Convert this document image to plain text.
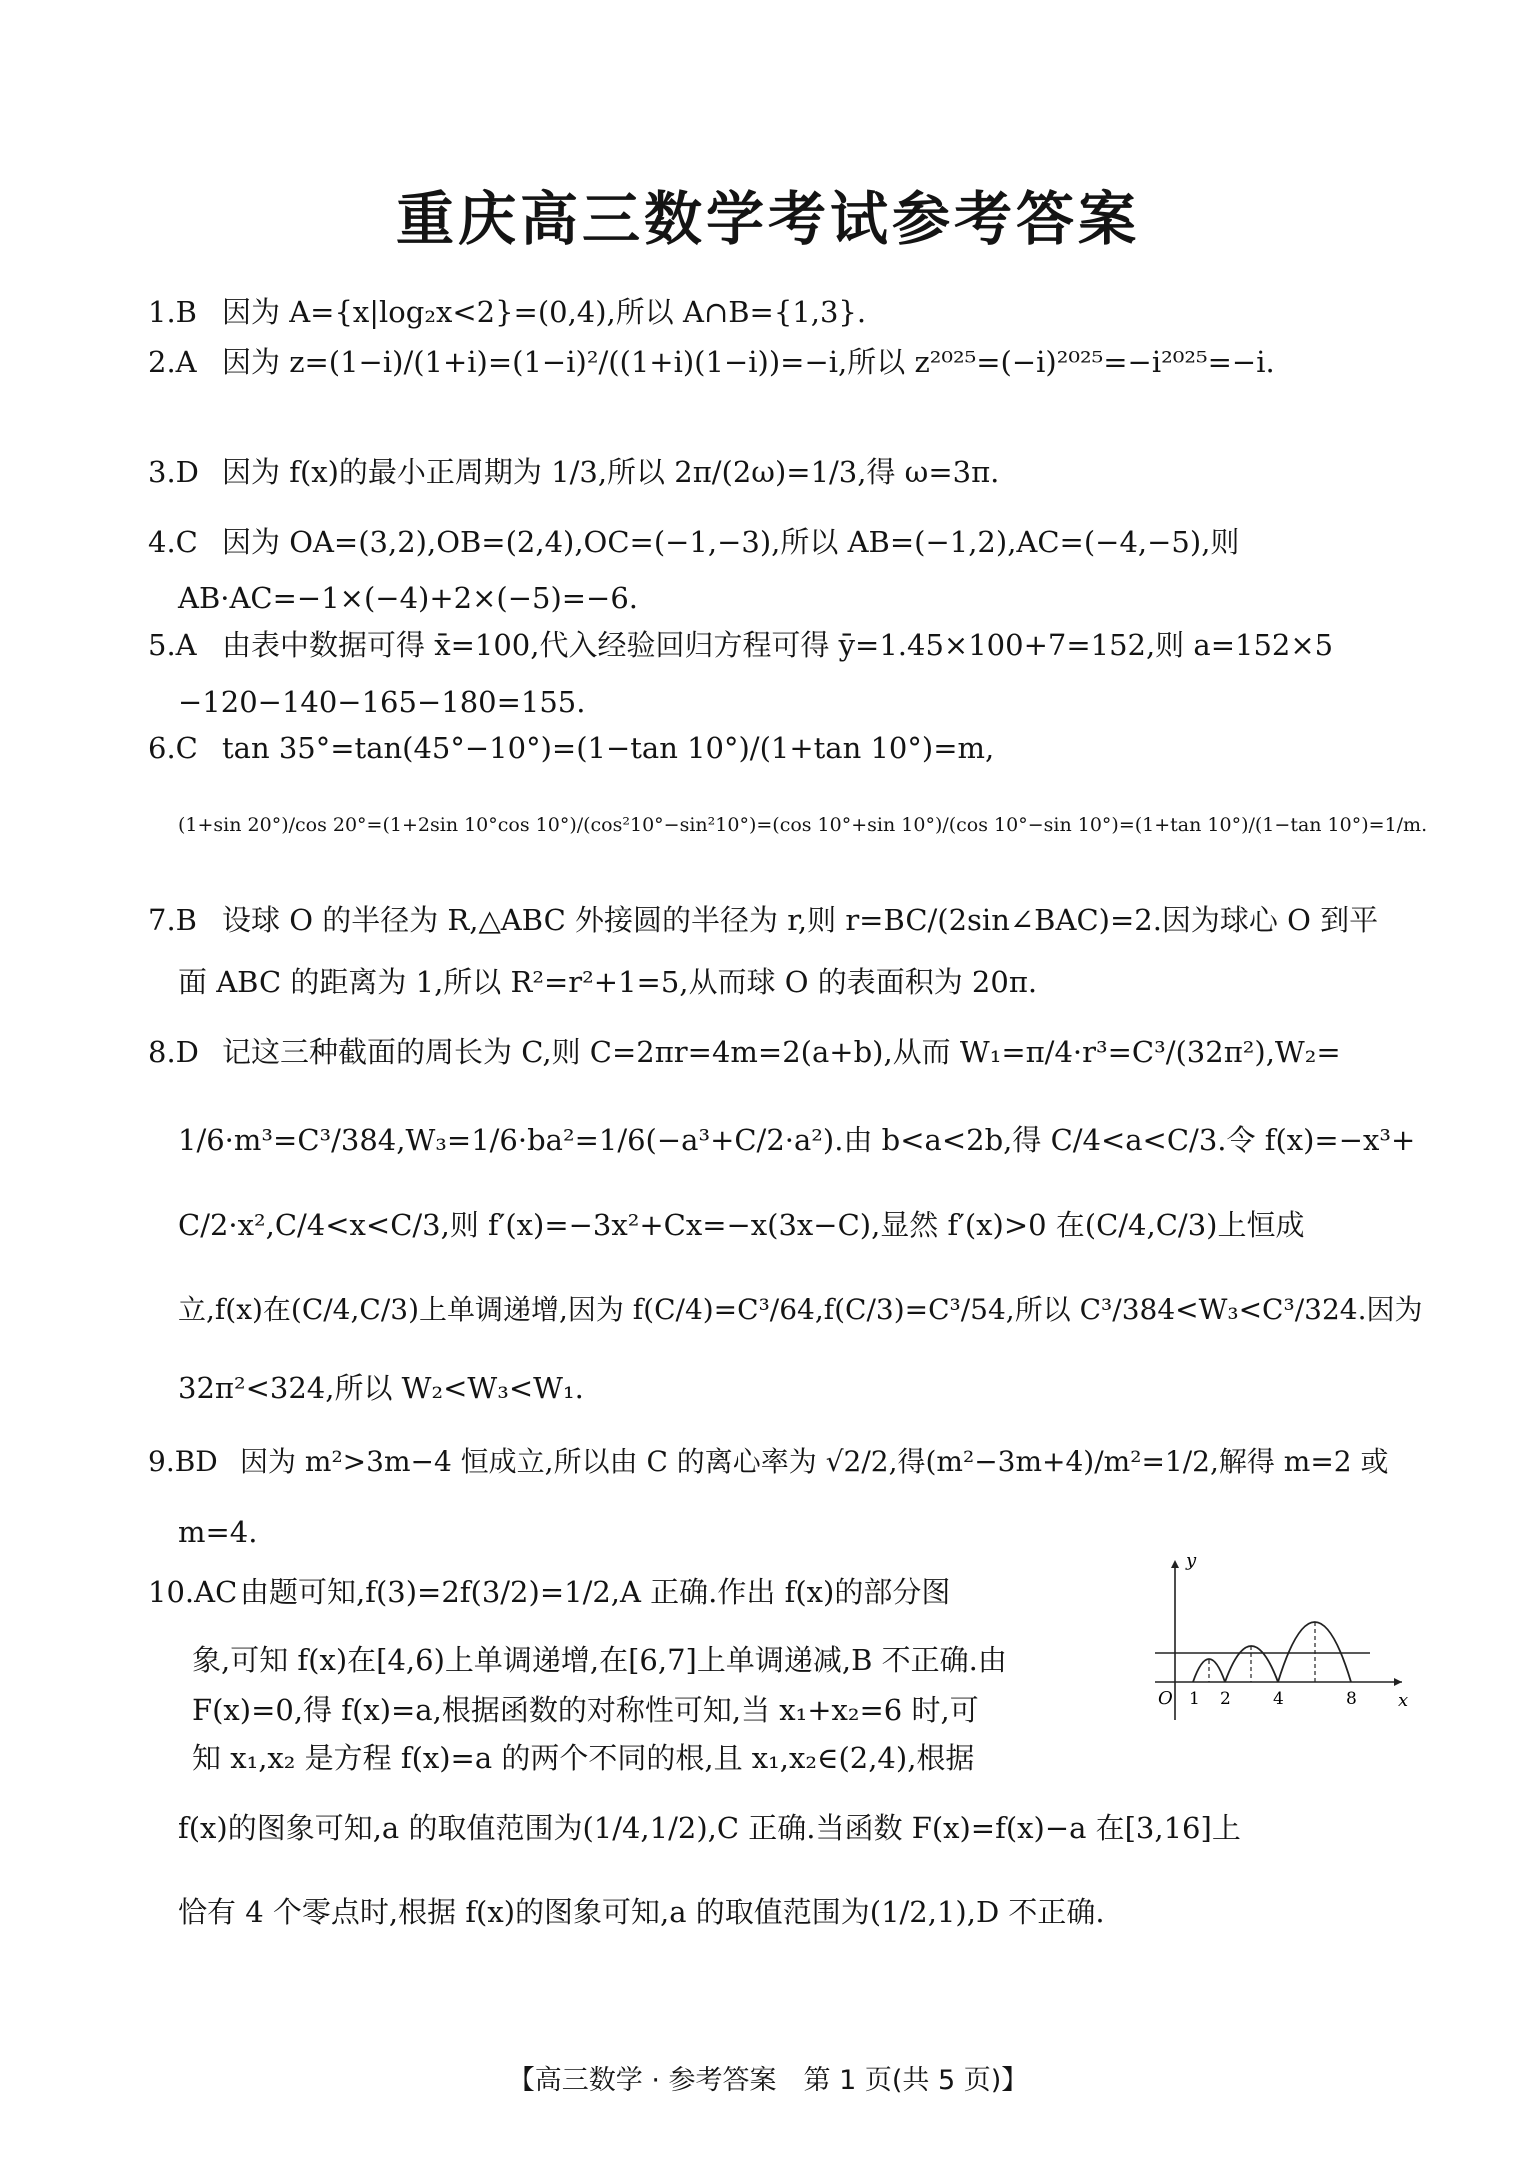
重庆高三数学考试参考答案
1.B 因为 A={x|log₂x<2}=(0,4),所以 A∩B={1,3}.
2.A 因为 z=(1−i)/(1+i)=(1−i)²/((1+i)(1−i))=−i,所以 z²⁰²⁵=(−i)²⁰²⁵=−i²⁰²⁵=−i.
3.D 因为 f(x)的最小正周期为 1/3,所以 2π/(2ω)=1/3,得 ω=3π.
4.C 因为 OA=(3,2),OB=(2,4),OC=(−1,−3),所以 AB=(−1,2),AC=(−4,−5),则
AB·AC=−1×(−4)+2×(−5)=−6.
5.A 由表中数据可得 x̄=100,代入经验回归方程可得 ȳ=1.45×100+7=152,则 a=152×5
−120−140−165−180=155.
6.C tan 35°=tan(45°−10°)=(1−tan 10°)/(1+tan 10°)=m,
(1+sin 20°)/cos 20°=(1+2sin 10°cos 10°)/(cos²10°−sin²10°)=(cos 10°+sin 10°)/(cos 10°−sin 10°)=(1+tan 10°)/(1−tan 10°)=1/m.
7.B 设球 O 的半径为 R,△ABC 外接圆的半径为 r,则 r=BC/(2sin∠BAC)=2.因为球心 O 到平
面 ABC 的距离为 1,所以 R²=r²+1=5,从而球 O 的表面积为 20π.
8.D 记这三种截面的周长为 C,则 C=2πr=4m=2(a+b),从而 W₁=π/4·r³=C³/(32π²),W₂=
1/6·m³=C³/384,W₃=1/6·ba²=1/6(−a³+C/2·a²).由 b<a<2b,得 C/4<a<C/3.令 f(x)=−x³+
C/2·x²,C/4<x<C/3,则 f′(x)=−3x²+Cx=−x(3x−C),显然 f′(x)>0 在(C/4,C/3)上恒成
立,f(x)在(C/4,C/3)上单调递增,因为 f(C/4)=C³/64,f(C/3)=C³/54,所以 C³/384<W₃<C³/324.因为
32π²<324,所以 W₂<W₃<W₁.
9.BD 因为 m²>3m−4 恒成立,所以由 C 的离心率为 √2/2,得(m²−3m+4)/m²=1/2,解得 m=2 或
m=4.
10.AC由题可知,f(3)=2f(3/2)=1/2,A 正确.作出 f(x)的部分图
象,可知 f(x)在[4,6)上单调递增,在[6,7]上单调递减,B 不正确.由
F(x)=0,得 f(x)=a,根据函数的对称性可知,当 x₁+x₂=6 时,可
知 x₁,x₂ 是方程 f(x)=a 的两个不同的根,且 x₁,x₂∈(2,4),根据
f(x)的图象可知,a 的取值范围为(1/4,1/2),C 正确.当函数 F(x)=f(x)−a 在[3,16]上
恰有 4 个零点时,根据 f(x)的图象可知,a 的取值范围为(1/2,1),D 不正确.
y
x
O 1 2 4	8
【高三数学 · 参考答案　第 1 页(共 5 页)】
